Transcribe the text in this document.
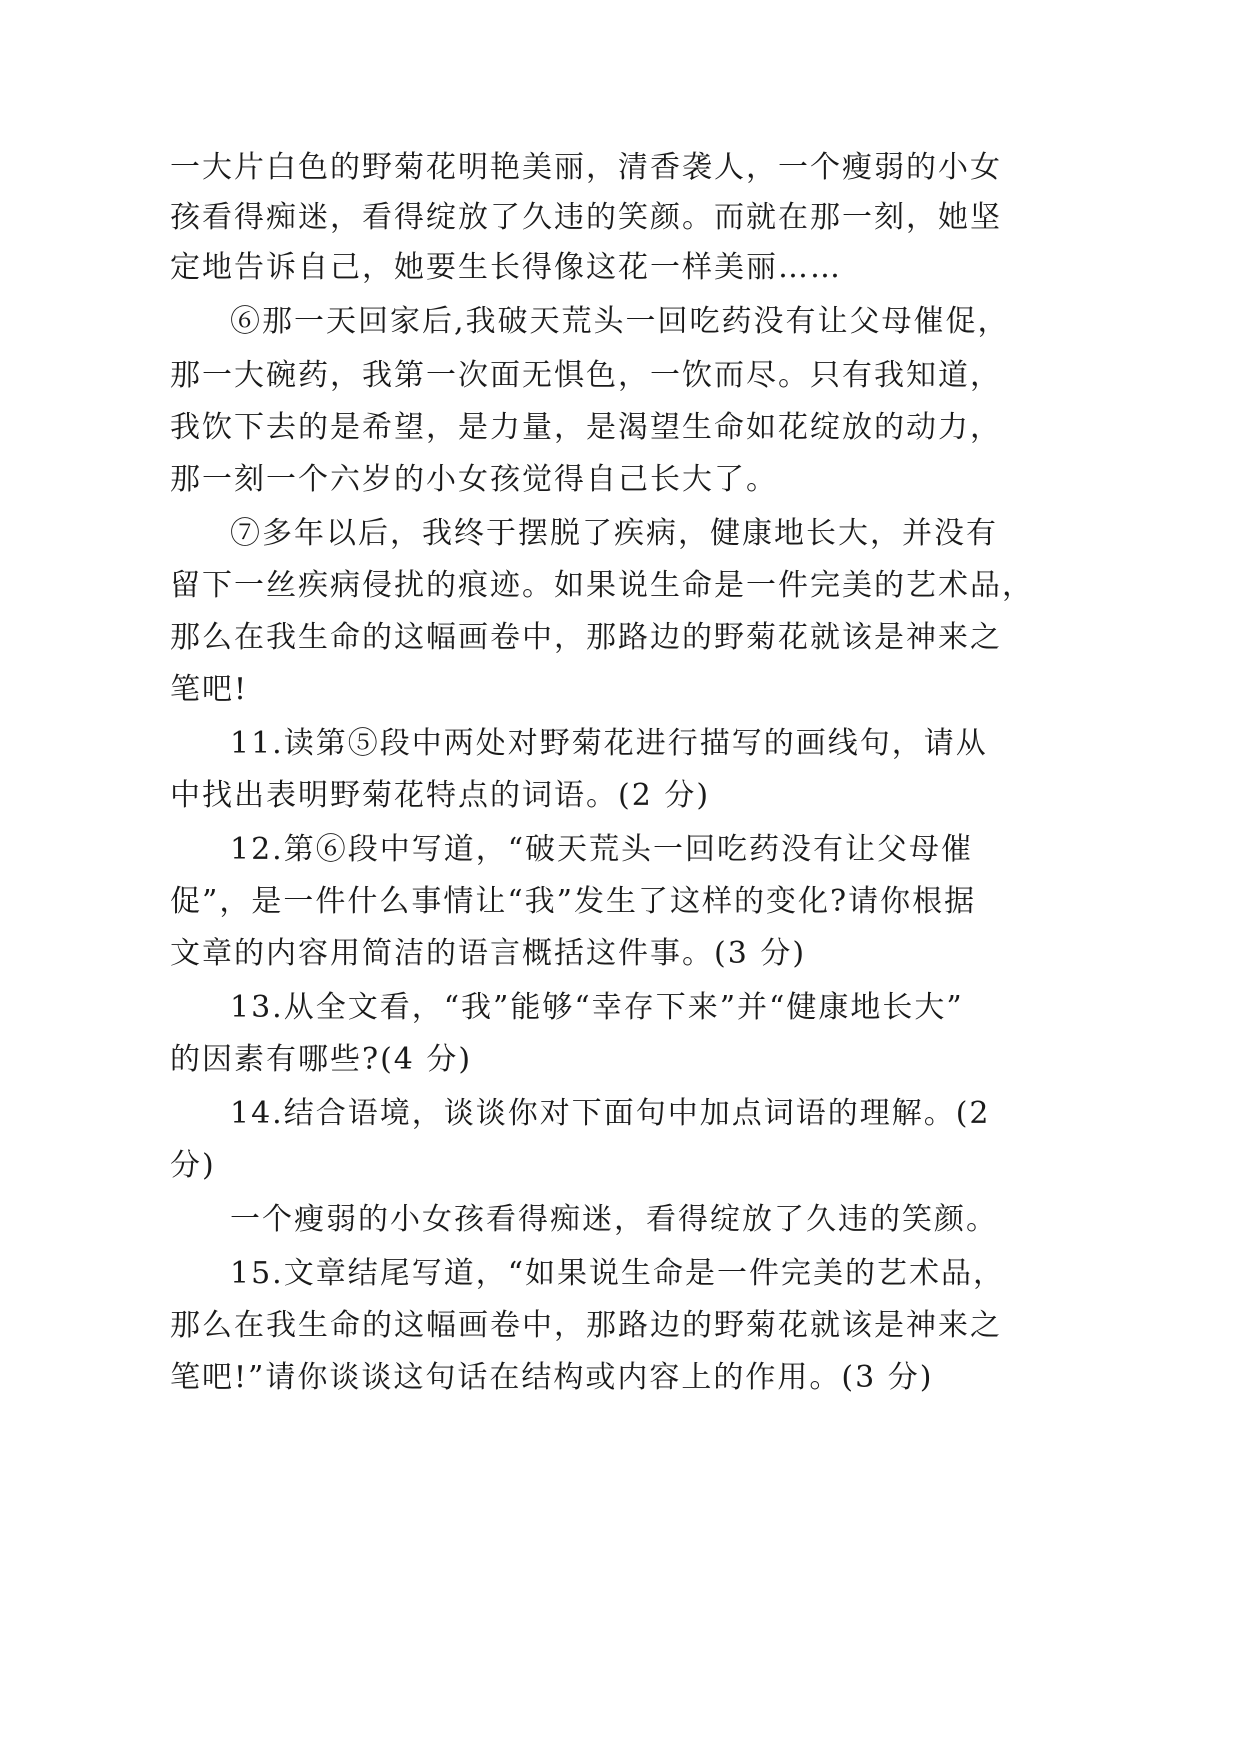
一大片白色的野菊花明艳美丽，清香袭人，一个瘦弱的小女
孩看得痴迷，看得绽放了久违的笑颜。而就在那一刻，她坚
定地告诉自己，她要生长得像这花一样美丽……
⑥那一天回家后,我破天荒头一回吃药没有让父母催促，
那一大碗药，我第一次面无惧色，一饮而尽。只有我知道，
我饮下去的是希望，是力量，是渴望生命如花绽放的动力，
那一刻一个六岁的小女孩觉得自己长大了。
⑦多年以后，我终于摆脱了疾病，健康地长大，并没有
留下一丝疾病侵扰的痕迹。如果说生命是一件完美的艺术品，
那么在我生命的这幅画卷中，那路边的野菊花就该是神来之
笔吧!
11.读第⑤段中两处对野菊花进行描写的画线句，请从
中找出表明野菊花特点的词语。(2 分)
12.第⑥段中写道，“破天荒头一回吃药没有让父母催
促”，是一件什么事情让“我”发生了这样的变化?请你根据
文章的内容用简洁的语言概括这件事。(3 分)
13.从全文看，“我”能够“幸存下来”并“健康地长大”
的因素有哪些?(4 分)
14.结合语境，谈谈你对下面句中加点词语的理解。(2
分)
一个瘦弱的小女孩看得痴迷，看得绽放了久违的笑颜。
15.文章结尾写道，“如果说生命是一件完美的艺术品，
那么在我生命的这幅画卷中，那路边的野菊花就该是神来之
笔吧!”请你谈谈这句话在结构或内容上的作用。(3 分)
